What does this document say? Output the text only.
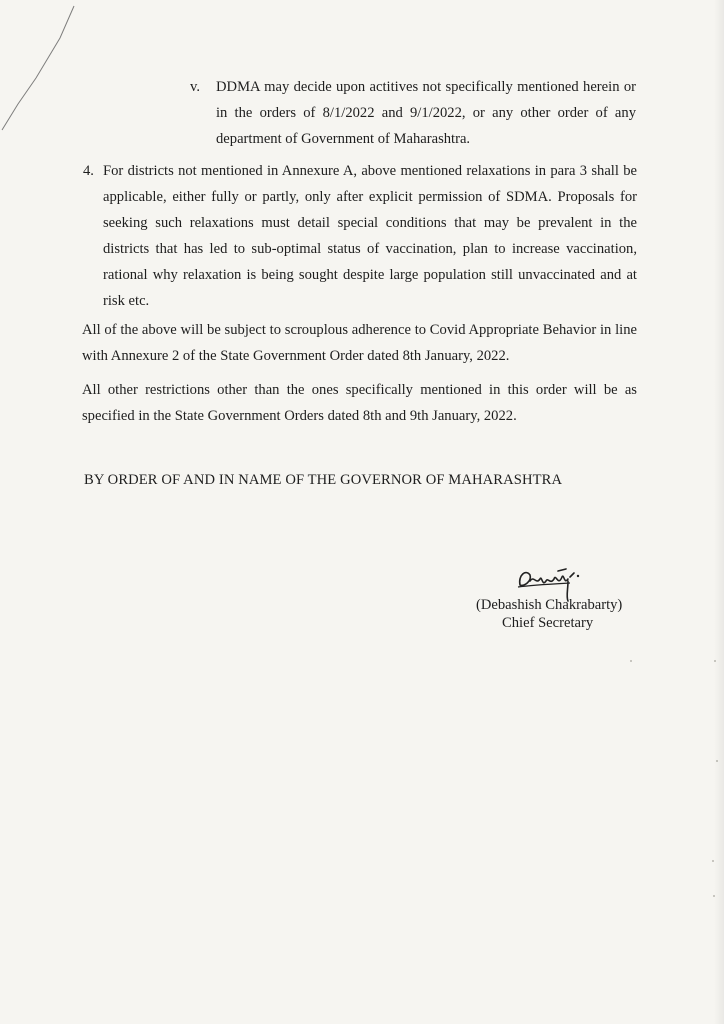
v. DDMA may decide upon actitives not specifically mentioned herein or in the orders of 8/1/2022 and 9/1/2022, or any other order of any department of Government of Maharashtra.

4. For districts not mentioned in Annexure A, above mentioned relaxations in para 3 shall be applicable, either fully or partly, only after explicit permission of SDMA. Proposals for seeking such relaxations must detail special conditions that may be prevalent in the districts that has led to sub-optimal status of vaccination, plan to increase vaccination, rational why relaxation is being sought despite large population still unvaccinated and at risk etc.

All of the above will be subject to scrouplous adherence to Covid Appropriate Behavior in line with Annexure 2 of the State Government Order dated 8th January, 2022.

All other restrictions other than the ones specifically mentioned in this order will be as specified in the State Government Orders dated 8th and 9th January, 2022.

BY ORDER OF AND IN NAME OF THE GOVERNOR OF MAHARASHTRA
(Debashish Chakrabarty)
Chief Secretary
